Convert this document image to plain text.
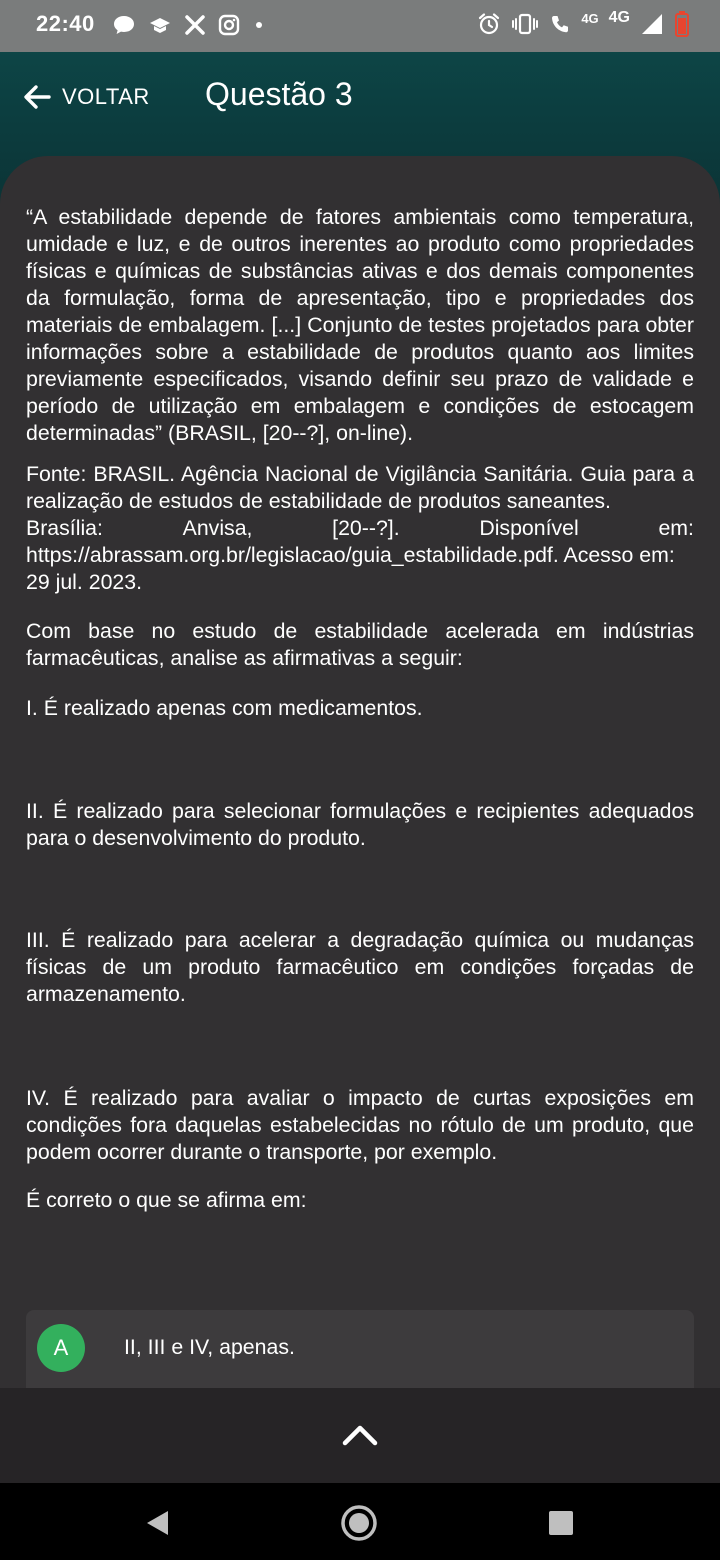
22:40	4G 4G
VOLTAR Questão 3

“A estabilidade depende de fatores ambientais como temperatura, umidade e luz, e de outros inerentes ao produto como propriedades físicas e químicas de substâncias ativas e dos demais componentes da formulação, forma de apresentação, tipo e propriedades dos materiais de embalagem. [...] Conjunto de testes projetados para obter informações sobre a estabilidade de produtos quanto aos limites previamente especificados, visando definir seu prazo de validade e período de utilização em embalagem e condições de estocagem determinadas” (BRASIL, [20--?], on-line).

Fonte: BRASIL. Agência Nacional de Vigilância Sanitária. Guia para a realização de estudos de estabilidade de produtos saneantes.
Brasília:	Anvisa,	[20--?].	Disponível	em:
https://abrassam.org.br/legislacao/guia_estabilidade.pdf. Acesso em:
29 jul. 2023.

Com base no estudo de estabilidade acelerada em indústrias farmacêuticas, analise as afirmativas a seguir:

I. É realizado apenas com medicamentos.

II. É realizado para selecionar formulações e recipientes adequados para o desenvolvimento do produto.

III. É realizado para acelerar a degradação química ou mudanças físicas de um produto farmacêutico em condições forçadas de armazenamento.

IV. É realizado para avaliar o impacto de curtas exposições em condições fora daquelas estabelecidas no rótulo de um produto, que podem ocorrer durante o transporte, por exemplo.

É correto o que se afirma em:

A	II, III e IV, apenas.
